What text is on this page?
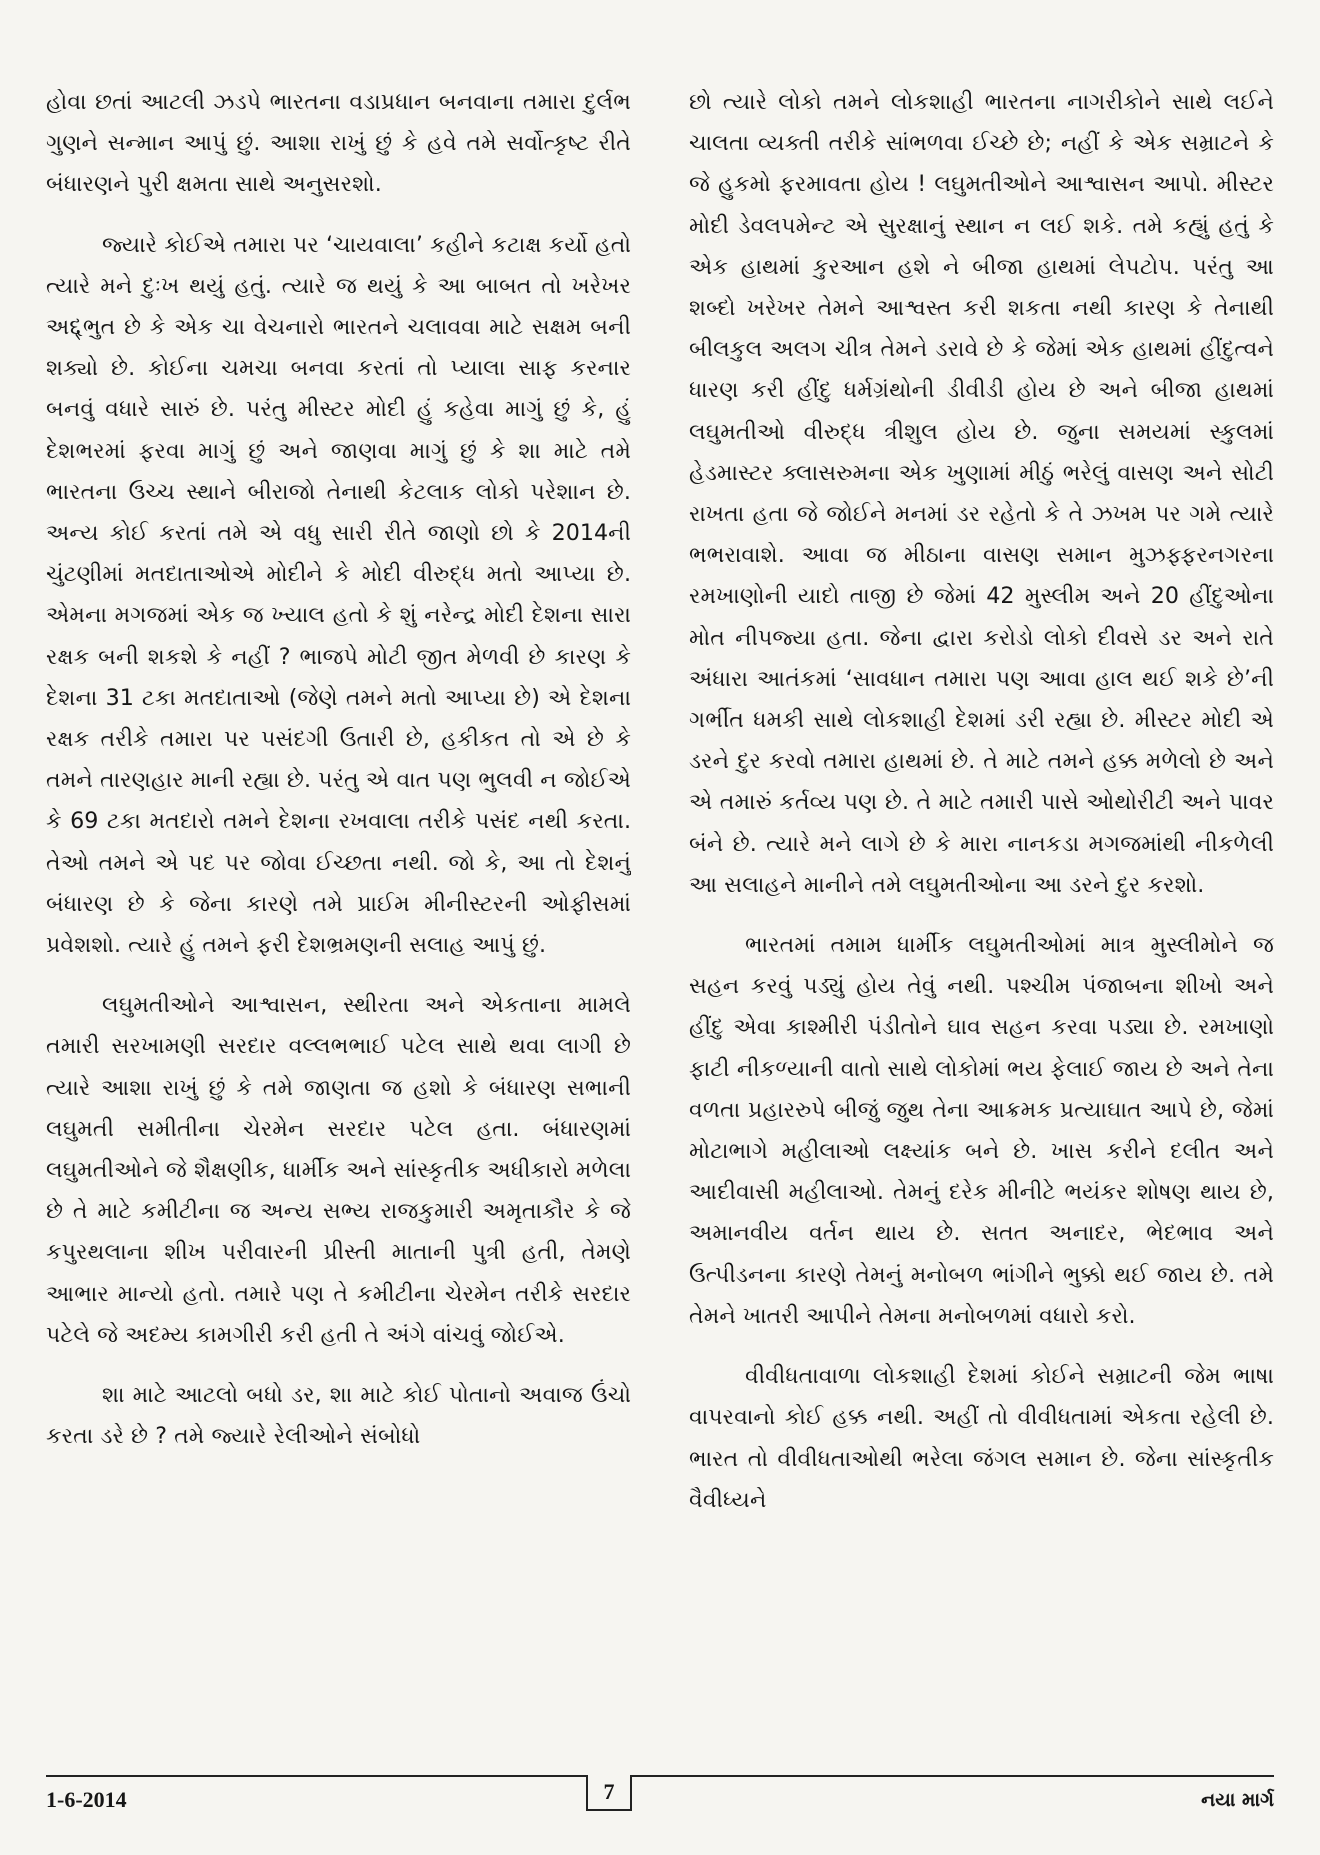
હોવા છતાં આટલી ઝડપે ભારતના વડાપ્રધાન બનવાના તમારા દુર્લભ ગુણને સન્માન આપું છું. આશા રાખું છું કે હવે તમે સર્વોત્કૃષ્ટ રીતે બંધારણને પુરી ક્ષમતા સાથે અનુસરશો.

જ્યારે કોઈએ તમારા પર ‘ચાયવાલા’ કહીને કટાક્ષ કર્યો હતો ત્યારે મને દુઃખ થયું હતું. ત્યારે જ થયું કે આ બાબત તો ખરેખર અદ્દ્ભુત છે કે એક ચા વેચનારો ભારતને ચલાવવા માટે સક્ષમ બની શક્યો છે. કોઈના ચમચા બનવા કરતાં તો પ્યાલા સાફ કરનાર બનવું વધારે સારું છે. પરંતુ મીસ્ટર મોદી હું કહેવા માગું છું કે, હું દેશભરમાં ફરવા માગું છું અને જાણવા માગું છું કે શા માટે તમે ભારતના ઉચ્ચ સ્થાને બીરાજો તેનાથી કેટલાક લોકો પરેશાન છે. અન્ય કોઈ કરતાં તમે એ વધુ સારી રીતે જાણો છો કે 2014ની ચુંટણીમાં મતદાતાઓએ મોદીને કે મોદી વીરુદ્ધ મતો આપ્યા છે. એમના મગજમાં એક જ ખ્યાલ હતો કે શું નરેન્દ્ર મોદી દેશના સારા રક્ષક બની શકશે કે નહીં ? ભાજપે મોટી જીત મેળવી છે કારણ કે દેશના 31 ટકા મતદાતાઓ (જેણે તમને મતો આપ્યા છે) એ દેશના રક્ષક તરીકે તમારા પર પસંદગી ઉતારી છે, હકીકત તો એ છે કે તમને તારણહાર માની રહ્યા છે. પરંતુ એ વાત પણ ભુલવી ન જોઈએ કે 69 ટકા મતદારો તમને દેશના રખવાલા તરીકે પસંદ નથી કરતા. તેઓ તમને એ પદ પર જોવા ઈચ્છતા નથી. જો કે, આ તો દેશનું બંધારણ છે કે જેના કારણે તમે પ્રાઈમ મીનીસ્ટરની ઓફીસમાં પ્રવેશશો. ત્યારે હું તમને ફરી દેશભ્રમણની સલાહ આપું છું.

લઘુમતીઓને આશ્વાસન, સ્થીરતા અને એકતાના મામલે તમારી સરખામણી સરદાર વલ્લભભાઈ પટેલ સાથે થવા લાગી છે ત્યારે આશા રાખું છું કે તમે જાણતા જ હશો કે બંધારણ સભાની લઘુમતી સમીતીના ચેરમેન સરદાર પટેલ હતા. બંધારણમાં લઘુમતીઓને જે શૈક્ષણીક, ધાર્મીક અને સાંસ્કૃતીક અધીકારો મળેલા છે તે માટે કમીટીના જ અન્ય સભ્ય રાજકુમારી અમૃતાકૌર કે જે કપુરથલાના શીખ પરીવારની પ્રીસ્તી માતાની પુત્રી હતી, તેમણે આભાર માન્યો હતો. તમારે પણ તે કમીટીના ચેરમેન તરીકે સરદાર પટેલે જે અદમ્ય કામગીરી કરી હતી તે અંગે વાંચવું જોઈએ.

શા માટે આટલો બધો ડર, શા માટે કોઈ પોતાનો અવાજ ઉંચો કરતા ડરે છે ? તમે જ્યારે રેલીઓને સંબોધો

છો ત્યારે લોકો તમને લોકશાહી ભારતના નાગરીકોને સાથે લઈને ચાલતા વ્યક્તી તરીકે સાંભળવા ઈચ્છે છે; નહીં કે એક સમ્રાટને કે જે હુકમો ફરમાવતા હોય ! લઘુમતીઓને આશ્વાસન આપો. મીસ્ટર મોદી ડેવલપમેન્ટ એ સુરક્ષાનું સ્થાન ન લઈ શકે. તમે કહ્યું હતું કે એક હાથમાં કુરઆન હશે ને બીજા હાથમાં લેપટોપ. પરંતુ આ શબ્દો ખરેખર તેમને આશ્વસ્ત કરી શકતા નથી કારણ કે તેનાથી બીલકુલ અલગ ચીત્ર તેમને ડરાવે છે કે જેમાં એક હાથમાં હીંદુત્વને ધારણ કરી હીંદુ ધર્મગ્રંથોની ડીવીડી હોય છે અને બીજા હાથમાં લઘુમતીઓ વીરુદ્ધ ત્રીશુલ હોય છે. જુના સમયમાં સ્કુલમાં હેડમાસ્ટર ક્લાસરુમના એક ખુણામાં મીઠું ભરેલું વાસણ અને સોટી રાખતા હતા જે જોઈને મનમાં ડર રહેતો કે તે ઝખમ પર ગમે ત્યારે ભભરાવાશે. આવા જ મીઠાના વાસણ સમાન મુઝફ્ફરનગરના રમખાણોની યાદો તાજી છે જેમાં 42 મુસ્લીમ અને 20 હીંદુઓના મોત નીપજ્યા હતા. જેના દ્વારા કરોડો લોકો દીવસે ડર અને રાતે અંધારા આતંકમાં ‘સાવધાન તમારા પણ આવા હાલ થઈ શકે છે’ની ગર્ભીત ધમકી સાથે લોકશાહી દેશમાં ડરી રહ્યા છે. મીસ્ટર મોદી એ ડરને દુર કરવો તમારા હાથમાં છે. તે માટે તમને હક્ક મળેલો છે અને એ તમારું કર્તવ્ય પણ છે. તે માટે તમારી પાસે ઓથોરીટી અને પાવર બંને છે. ત્યારે મને લાગે છે કે મારા નાનકડા મગજમાંથી નીકળેલી આ સલાહને માનીને તમે લઘુમતીઓના આ ડરને દુર કરશો.

ભારતમાં તમામ ધાર્મીક લઘુમતીઓમાં માત્ર મુસ્લીમોને જ સહન કરવું પડ્યું હોય તેવું નથી. પશ્ચીમ પંજાબના શીખો અને હીંદુ એવા કાશ્મીરી પંડીતોને ઘાવ સહન કરવા પડ્યા છે. રમખાણો ફાટી નીકળ્યાની વાતો સાથે લોકોમાં ભય ફેલાઈ જાય છે અને તેના વળતા પ્રહારરુપે બીજું જુથ તેના આક્રમક પ્રત્યાઘાત આપે છે, જેમાં મોટાભાગે મહીલાઓ લક્ષ્યાંક બને છે. ખાસ કરીને દલીત અને આદીવાસી મહીલાઓ. તેમનું દરેક મીનીટે ભયંકર શોષણ થાય છે, અમાનવીય વર્તન થાય છે. સતત અનાદર, ભેદભાવ અને ઉત્પીડનના કારણે તેમનું મનોબળ ભાંગીને ભુક્કો થઈ જાય છે. તમે તેમને ખાતરી આપીને તેમના મનોબળમાં વધારો કરો.

વીવીધતાવાળા લોકશાહી દેશમાં કોઈને સમ્રાટની જેમ ભાષા વાપરવાનો કોઈ હક્ક નથી. અહીં તો વીવીધતામાં એકતા રહેલી છે. ભારત તો વીવીધતાઓથી ભરેલા જંગલ સમાન છે. જેના સાંસ્કૃતીક વૈવીધ્યને

1-6-2014	7	નયા માર્ગ
